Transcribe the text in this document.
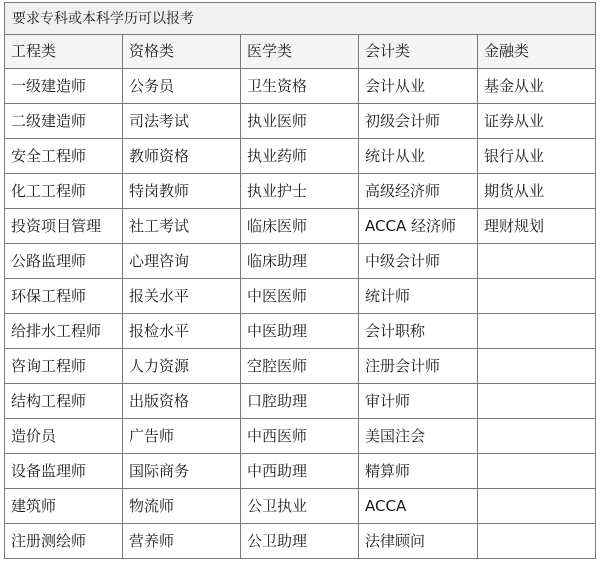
要求专科或本科学历可以报考				
工程类	资格类	医学类	会计类	金融类
一级建造师	公务员	卫生资格	会计从业	基金从业
二级建造师	司法考试	执业医师	初级会计师	证券从业
安全工程师	教师资格	执业药师	统计从业	银行从业
化工工程师	特岗教师	执业护士	高级经济师	期货从业
投资项目管理	社工考试	临床医师	ACCA 经济师	理财规划
公路监理师	心理咨询	临床助理	中级会计师	
环保工程师	报关水平	中医医师	统计师	
给排水工程师	报检水平	中医助理	会计职称	
咨询工程师	人力资源	空腔医师	注册会计师	
结构工程师	出版资格	口腔助理	审计师	
造价员	广告师	中西医师	美国注会	
设备监理师	国际商务	中西助理	精算师	
建筑师	物流师	公卫执业	ACCA	
注册测绘师	营养师	公卫助理	法律顾问	
